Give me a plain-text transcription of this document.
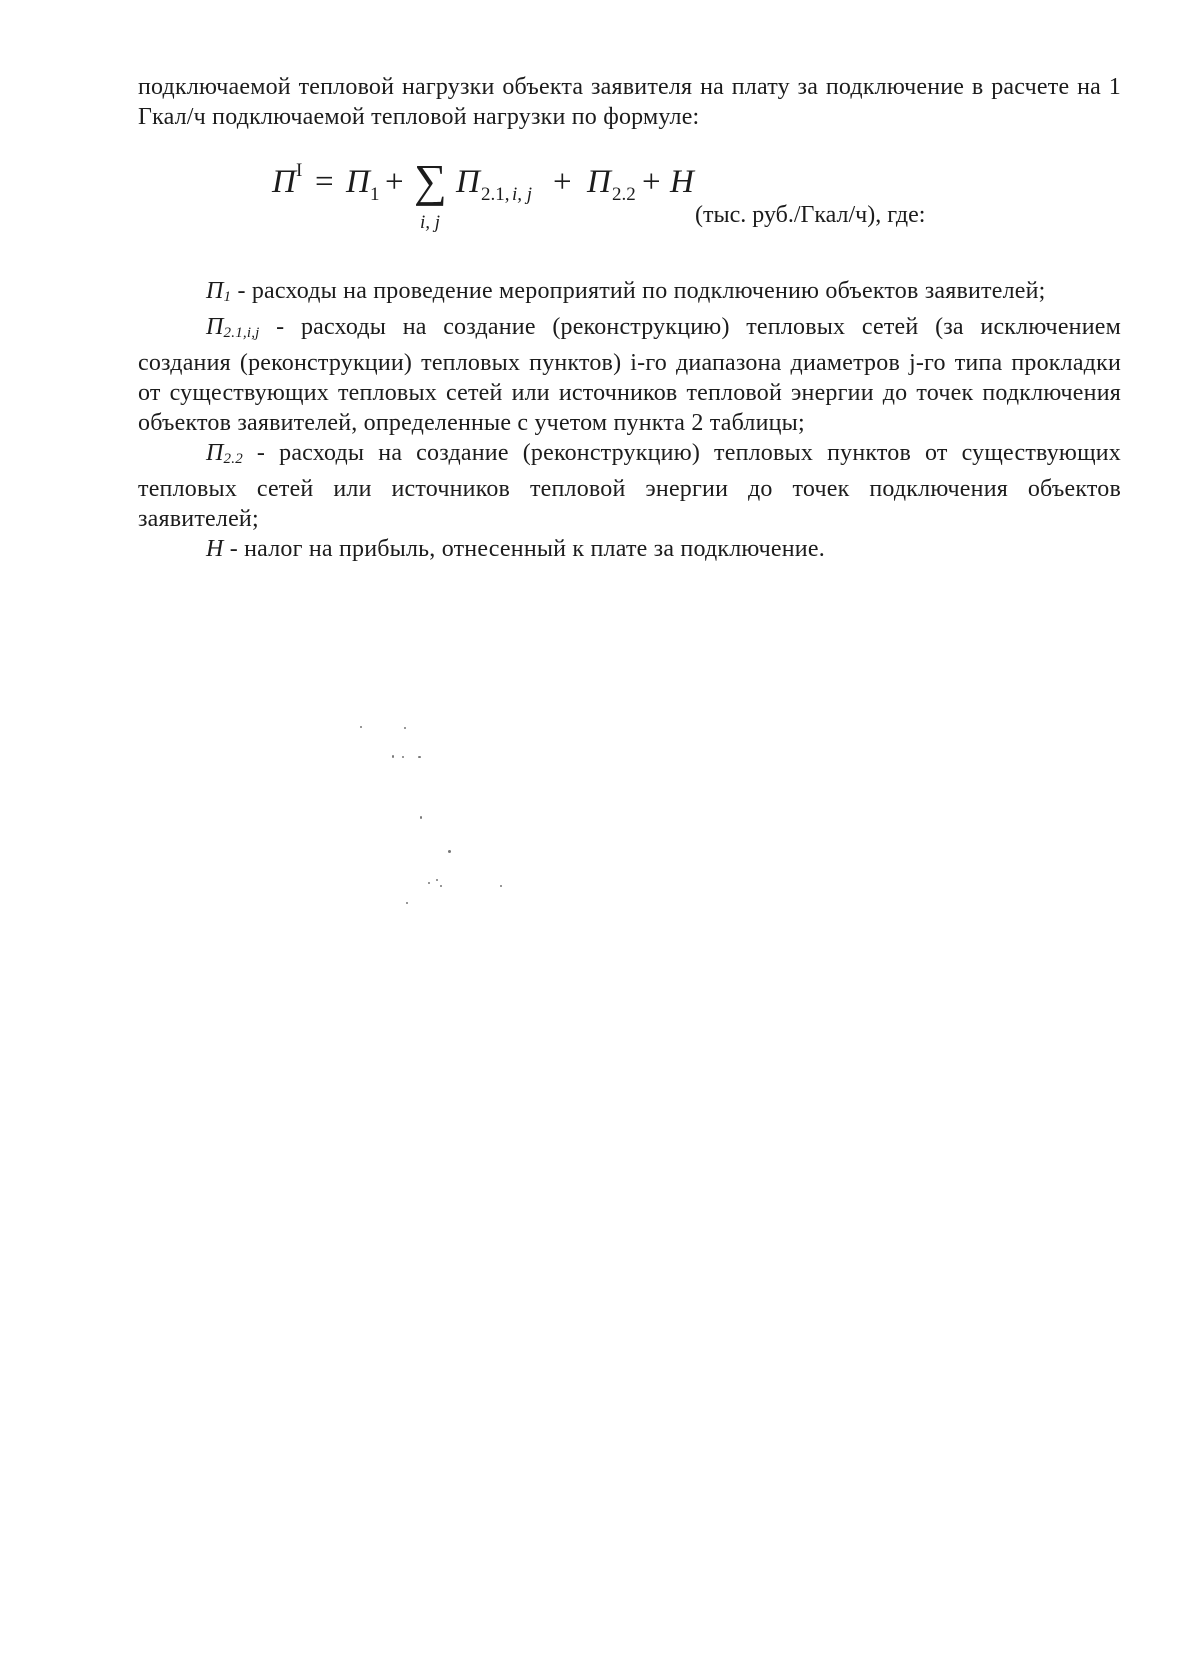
подключаемой тепловой нагрузки объекта заявителя на плату за подключение в расчете на 1 Гкал/ч подключаемой тепловой нагрузки по формуле:
П I = П 1 + ∑
i, j
П 2.1, i, j + П 2.2 + Н
(тыс. руб./Гкал/ч), где:

$П_1$ - расходы на проведение мероприятий по подключению объектов заявителей;

$П_{2.1,i,j}$ - расходы на создание (реконструкцию) тепловых сетей (за исключением создания (реконструкции) тепловых пунктов) i-го диапазона диаметров j-го типа прокладки от существующих тепловых сетей или источников тепловой энергии до точек подключения объектов заявителей, определенные с учетом пункта 2 таблицы;

$П_{2.2}$ - расходы на создание (реконструкцию) тепловых пунктов от существующих тепловых сетей или источников тепловой энергии до точек подключения объектов заявителей;

Н - налог на прибыль, отнесенный к плате за подключение.
